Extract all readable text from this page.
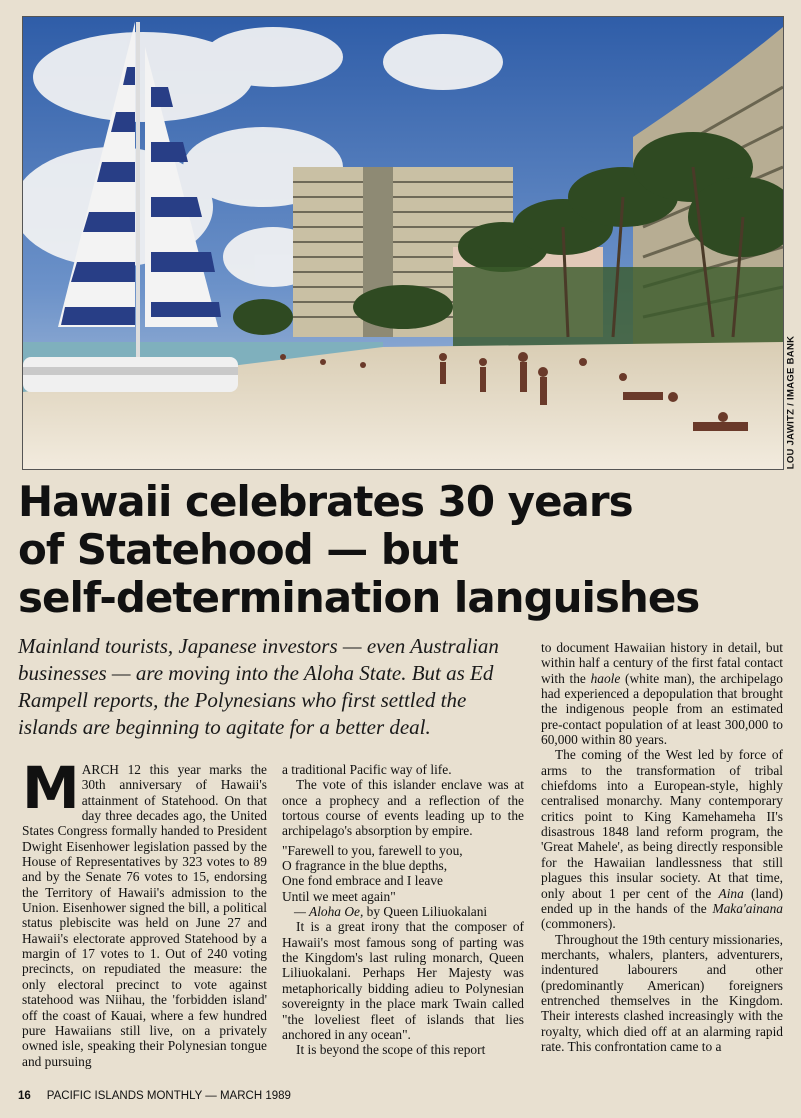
LOU JAWITZ / IMAGE BANK
Hawaii celebrates 30 years
of Statehood — but
self-determination languishes

Mainland tourists, Japanese investors — even Australian businesses — are moving into the Aloha State. But as Ed Rampell reports, the Polynesians who first settled the islands are beginning to agitate for a better deal.

MARCH 12 this year marks the 30th anniversary of Hawaii's attainment of Statehood. On that day three decades ago, the United States Congress formally handed to President Dwight Eisenhower legislation passed by the House of Representatives by 323 votes to 89 and by the Senate 76 votes to 15, endorsing the Territory of Hawaii's admission to the Union. Eisenhower signed the bill, a political status plebiscite was held on June 27 and Hawaii's electorate approved Statehood by a margin of 17 votes to 1. Out of 240 voting precincts, on repudiated the measure: the only electoral precinct to vote against statehood was Niihau, the 'forbidden island' off the coast of Kauai, where a few hundred pure Hawaiians still live, on a privately owned isle, speaking their Polynesian tongue and pursuing

a traditional Pacific way of life.

The vote of this islander enclave was at once a prophecy and a reflection of the tortous course of events leading up to the archipelago's absorption by empire.

"Farewell to you, farewell to you,
O fragrance in the blue depths,
One fond embrace and I leave
Until we meet again"

— Aloha Oe, by Queen Liliuokalani

It is a great irony that the composer of Hawaii's most famous song of parting was the Kingdom's last ruling monarch, Queen Liliuokalani. Perhaps Her Majesty was metaphorically bidding adieu to Polynesian sovereignty in the place mark Twain called "the loveliest fleet of islands that lies anchored in any ocean".

It is beyond the scope of this report

to document Hawaiian history in detail, but within half a century of the first fatal contact with the haole (white man), the archipelago had experienced a depopulation that brought the indigenous people from an estimated pre-contact population of at least 300,000 to 60,000 within 80 years.

The coming of the West led by force of arms to the transformation of tribal chiefdoms into a European-style, highly centralised monarchy. Many contemporary critics point to King Kamehameha II's disastrous 1848 land reform program, the 'Great Mahele', as being directly responsible for the Hawaiian landlessness that still plagues this insular society. At that time, only about 1 per cent of the Aina (land) ended up in the hands of the Maka'ainana (commoners).

Throughout the 19th century missionaries, merchants, whalers, planters, adventurers, indentured labourers and other (predominantly American) foreigners entrenched themselves in the Kingdom. Their interests clashed increasingly with the royalty, which died off at an alarming rapid rate. This confrontation came to a

16 PACIFIC ISLANDS MONTHLY — MARCH 1989
